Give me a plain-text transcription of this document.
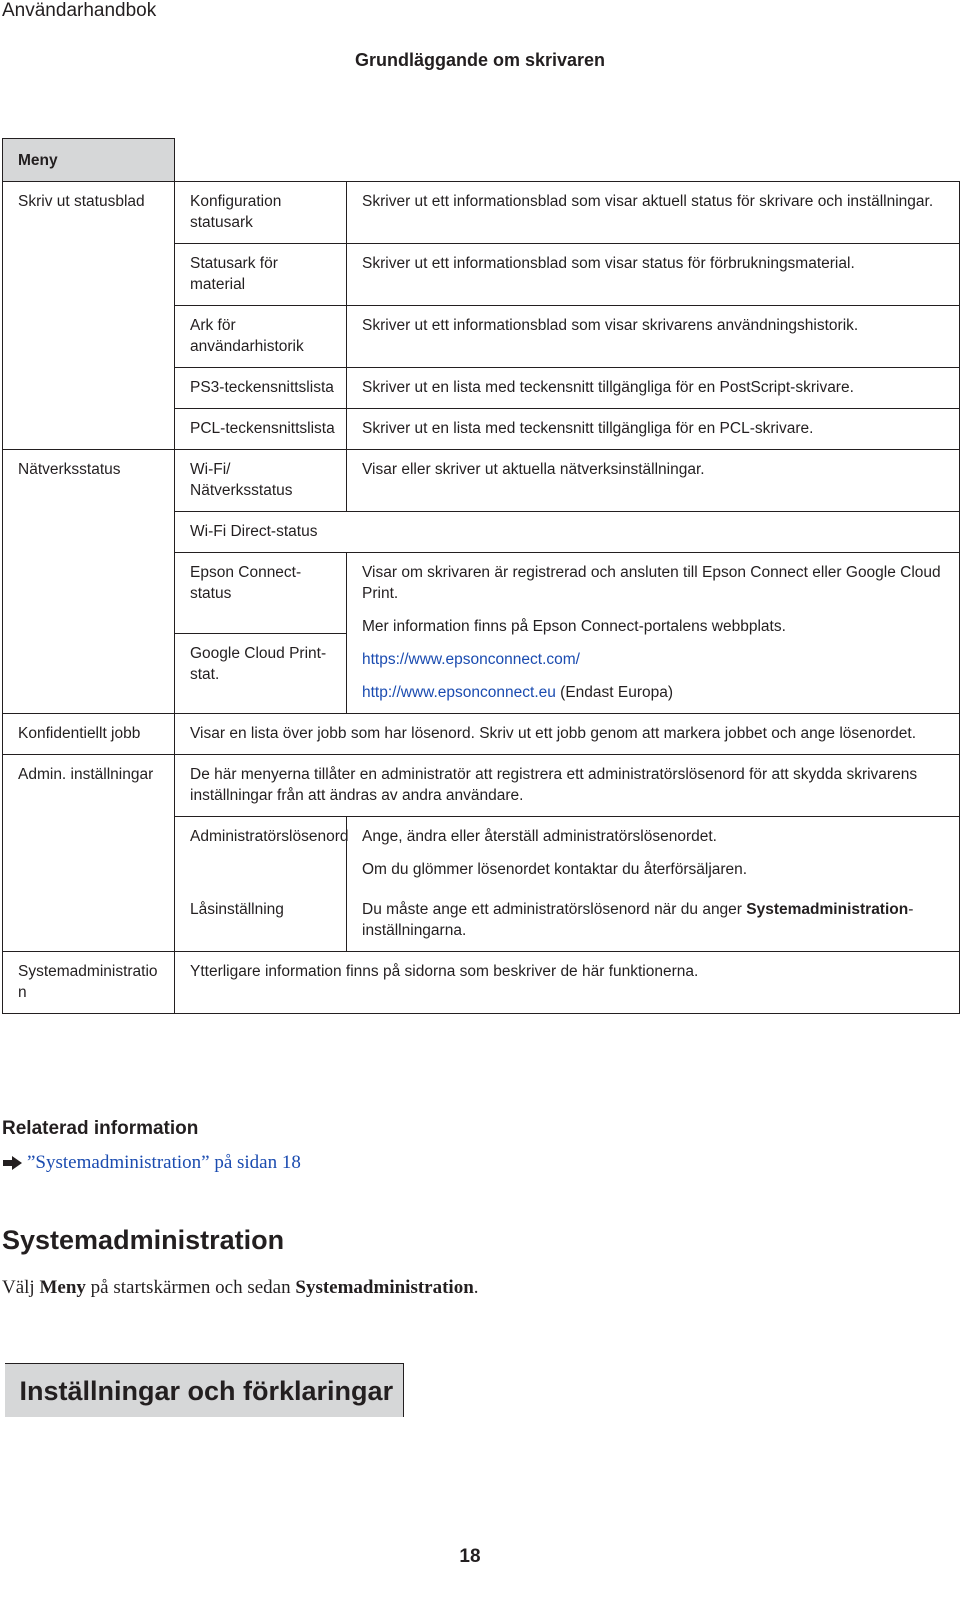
Användarhandbok
Grundläggande om skrivaren
Meny	
Inställningar och förklaringar

Skriv ut statusblad	Konfiguration statusark	Skriver ut ett informationsblad som visar aktuell status för skrivare och inställningar.
	Statusark för material	Skriver ut ett informationsblad som visar status för förbrukningsmaterial.
	Ark för användarhistorik	Skriver ut ett informationsblad som visar skrivarens användningshistorik.
	PS3-teckensnittslista	Skriver ut en lista med teckensnitt tillgängliga för en PostScript-skrivare.
	PCL-teckensnittslista	Skriver ut en lista med teckensnitt tillgängliga för en PCL-skrivare.
Nätverksstatus	Wi-Fi/ Nätverksstatus	Visar eller skriver ut aktuella nätverksinställningar.
	Wi-Fi Direct-status	
	Epson Connect-status	Visar om skrivaren är registrerad och ansluten till Epson Connect eller Google Cloud Print.

Mer information finns på Epson Connect-portalens webbplats.

https://www.epsonconnect.com/

http://www.epsonconnect.eu (Endast Europa)

	Google Cloud Print-stat.	
Konfidentiellt jobb	Visar en lista över jobb som har lösenord. Skriv ut ett jobb genom att markera jobbet och ange lösenordet.	
Admin. inställningar	De här menyerna tillåter en administratör att registrera ett administratörslösenord för att skydda skrivarens inställningar från att ändras av andra användare.	
	Administratörslösenord	Ange, ändra eller återställ administratörslösenordet.

Om du glömmer lösenordet kontaktar du återförsäljaren.

	Låsinställning	Du måste ange ett administratörslösenord när du anger Systemadministration-inställningarna.
Systemadministration	Ytterligare information finns på sidorna som beskriver de här funktionerna.	
Relaterad information
”Systemadministration” på sidan 18
Systemadministration
Välj Meny på startskärmen och sedan Systemadministration.
18
